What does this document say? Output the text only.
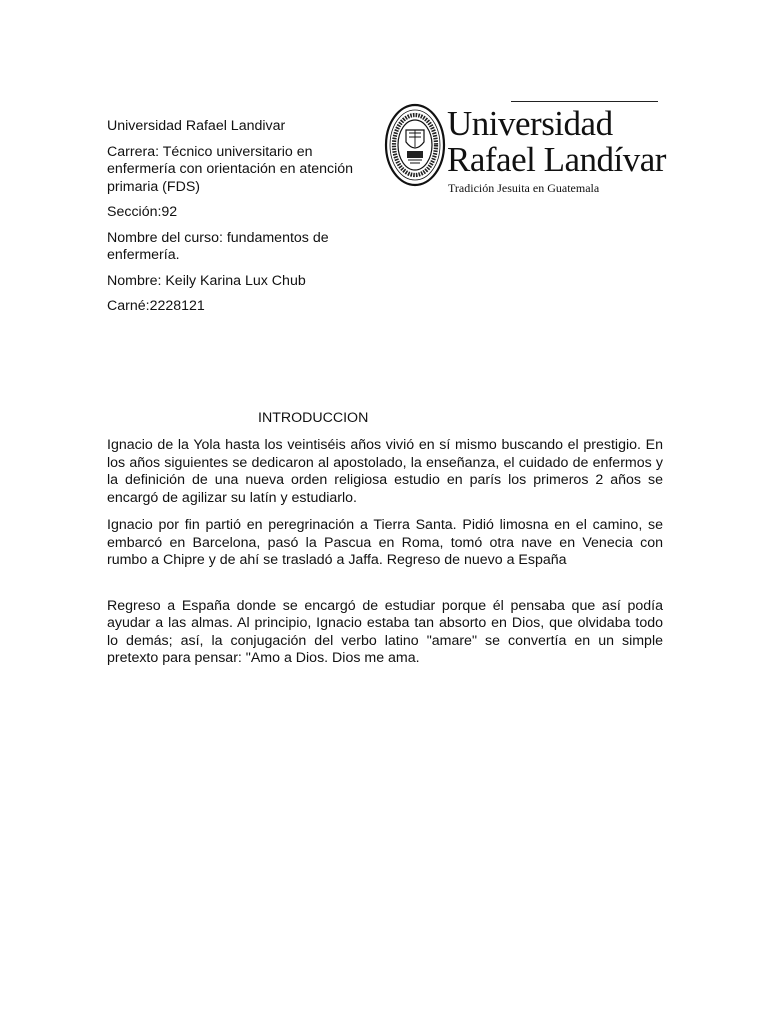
Universidad Rafael Landivar

Carrera: Técnico universitario en enfermería con orientación en atención primaria (FDS)

Sección:92

Nombre del curso: fundamentos de enfermería.

Nombre: Keily Karina Lux Chub

Carné:2228121

Universidad
Rafael Landívar
Tradición Jesuita en Guatemala
INTRODUCCION

Ignacio de la Yola hasta los veintiséis años vivió en sí mismo buscando el prestigio. En los años siguientes se dedicaron al apostolado, la enseñanza, el cuidado de enfermos y la definición de una nueva orden religiosa estudio en parís los primeros 2 años se encargó de agilizar su latín y estudiarlo.

Ignacio por fin partió en peregrinación a Tierra Santa. Pidió limosna en el camino, se embarcó en Barcelona, pasó la Pascua en Roma, tomó otra nave en Venecia con rumbo a Chipre y de ahí se trasladó a Jaffa. Regreso de nuevo a España

Regreso a España donde se encargó de estudiar porque él pensaba que así podía ayudar a las almas. Al principio, Ignacio estaba tan absorto en Dios, que olvidaba todo lo demás; así, la conjugación del verbo latino "amare" se convertía en un simple pretexto para pensar: "Amo a Dios. Dios me ama.
